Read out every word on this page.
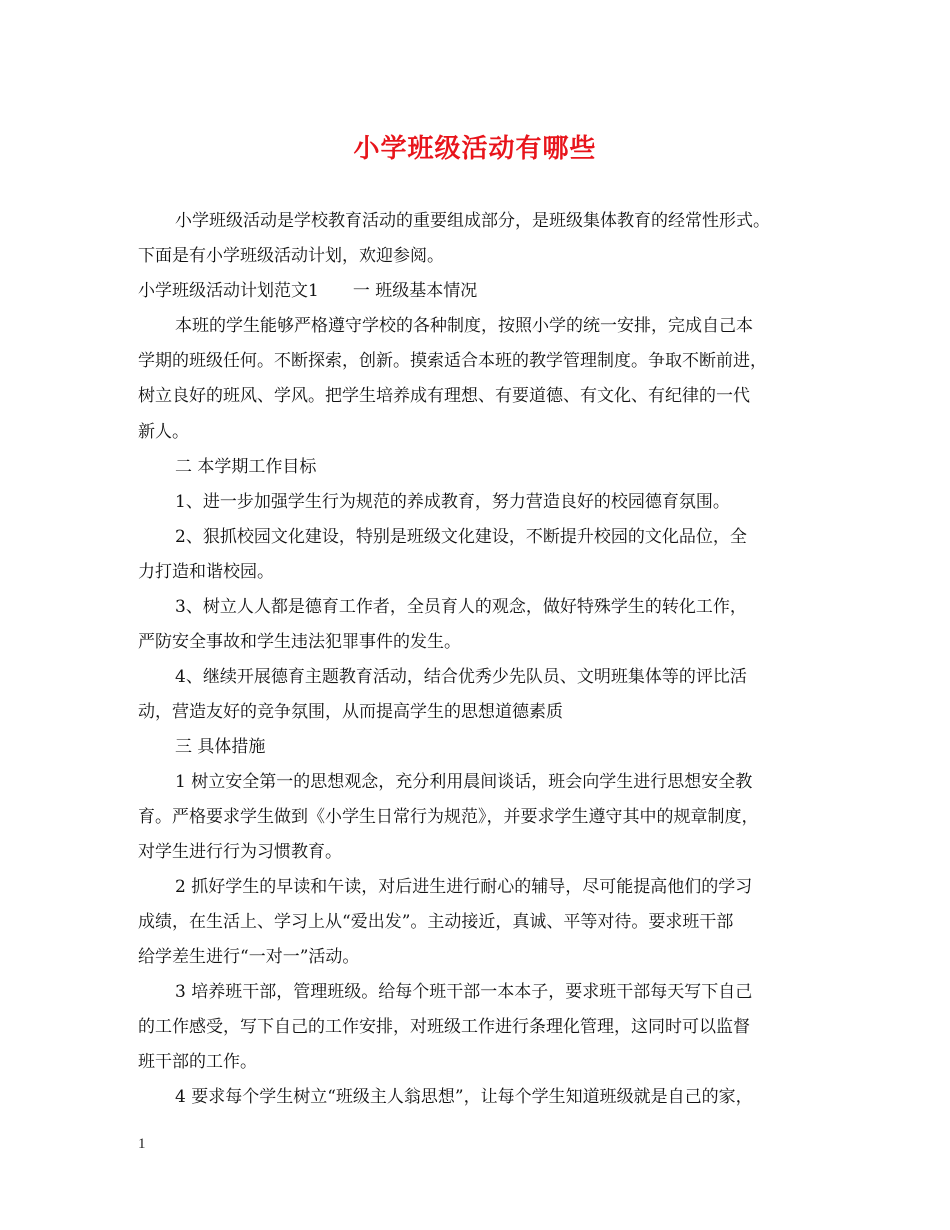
小学班级活动有哪些
小学班级活动是学校教育活动的重要组成部分，是班级集体教育的经常性形式。
下面是有小学班级活动计划，欢迎参阅。
小学班级活动计划范文1　　一 班级基本情况
本班的学生能够严格遵守学校的各种制度，按照小学的统一安排，完成自己本
学期的班级任何。不断探索，创新。摸索适合本班的教学管理制度。争取不断前进，
树立良好的班风、学风。把学生培养成有理想、有要道德、有文化、有纪律的一代
新人。
二 本学期工作目标
1、进一步加强学生行为规范的养成教育，努力营造良好的校园德育氛围。
2、狠抓校园文化建设，特别是班级文化建设，不断提升校园的文化品位，全
力打造和谐校园。
3、树立人人都是德育工作者，全员育人的观念，做好特殊学生的转化工作，
严防安全事故和学生违法犯罪事件的发生。
4、继续开展德育主题教育活动，结合优秀少先队员、文明班集体等的评比活
动，营造友好的竞争氛围，从而提高学生的思想道德素质
三 具体措施
1 树立安全第一的思想观念，充分利用晨间谈话，班会向学生进行思想安全教
育。严格要求学生做到《小学生日常行为规范》，并要求学生遵守其中的规章制度，
对学生进行行为习惯教育。
2 抓好学生的早读和午读，对后进生进行耐心的辅导，尽可能提高他们的学习
成绩，在生活上、学习上从“爱出发”。主动接近，真诚、平等对待。要求班干部
给学差生进行“一对一”活动。
3 培养班干部，管理班级。给每个班干部一本本子，要求班干部每天写下自己
的工作感受，写下自己的工作安排，对班级工作进行条理化管理，这同时可以监督
班干部的工作。
4 要求每个学生树立“班级主人翁思想”，让每个学生知道班级就是自己的家，
1
